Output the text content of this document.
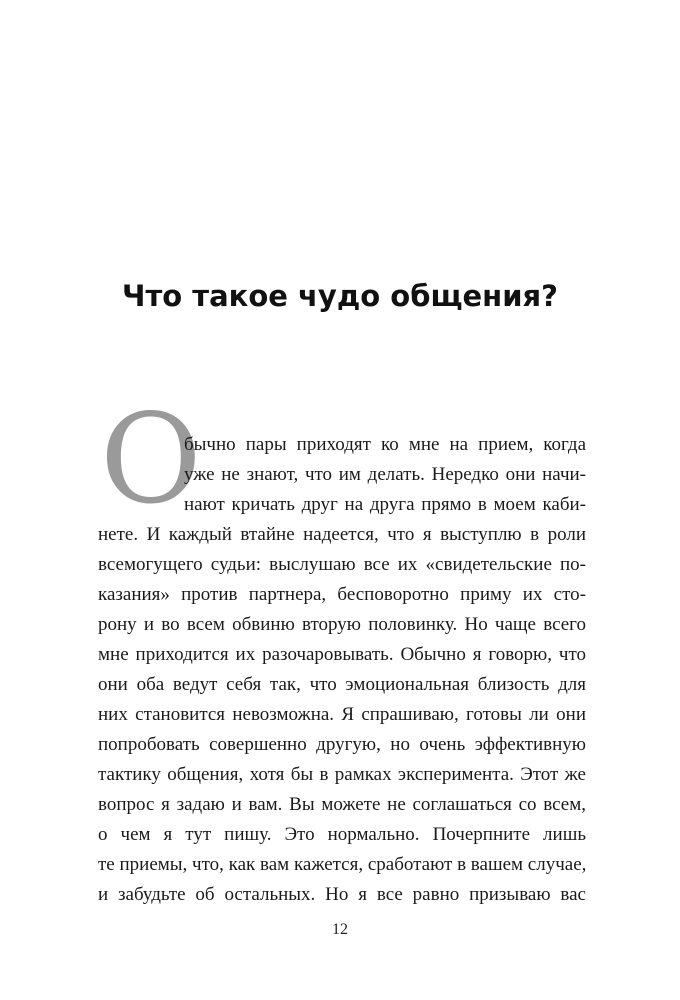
Что такое чудо общения?
О
бычно пары приходят ко мне на прием, когда
уже не знают, что им делать. Нередко они начи-
нают кричать друг на друга прямо в моем каби-
нете. И каждый втайне надеется, что я выступлю в роли
всемогущего судьи: выслушаю все их «свидетельские по-
казания» против партнера, бесповоротно приму их сто-
рону и во всем обвиню вторую половинку. Но чаще всего
мне приходится их разочаровывать. Обычно я говорю, что
они оба ведут себя так, что эмоциональная близость для
них становится невозможна. Я спрашиваю, готовы ли они
попробовать совершенно другую, но очень эффективную
тактику общения, хотя бы в рамках эксперимента. Этот же
вопрос я задаю и вам. Вы можете не соглашаться со всем,
о чем я тут пишу. Это нормально. Почерпните лишь
те приемы, что, как вам кажется, сработают в вашем случае,
и забудьте об остальных. Но я все равно призываю вас
12
